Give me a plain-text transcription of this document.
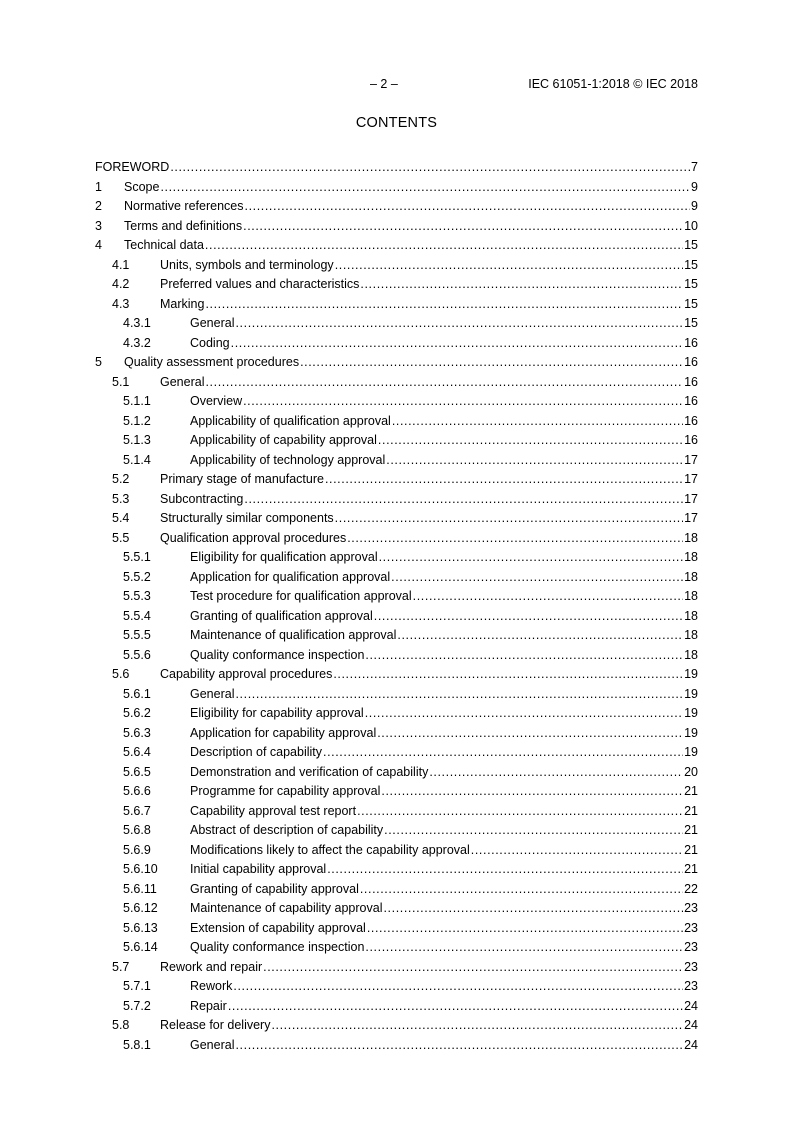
– 2 –	IEC 61051-1:2018 © IEC 2018
CONTENTS
FOREWORD .....	7
1	Scope .....	9
2	Normative references .....	9
3	Terms and definitions .....	10
4	Technical data .....	15
4.1	Units, symbols and terminology .....	15
4.2	Preferred values and characteristics .....	15
4.3	Marking .....	15
4.3.1	General .....	15
4.3.2	Coding .....	16
5	Quality assessment procedures .....	16
5.1	General .....	16
5.1.1	Overview .....	16
5.1.2	Applicability of qualification approval .....	16
5.1.3	Applicability of capability approval .....	16
5.1.4	Applicability of technology approval .....	17
5.2	Primary stage of manufacture .....	17
5.3	Subcontracting .....	17
5.4	Structurally similar components .....	17
5.5	Qualification approval procedures .....	18
5.5.1	Eligibility for qualification approval .....	18
5.5.2	Application for qualification approval .....	18
5.5.3	Test procedure for qualification approval .....	18
5.5.4	Granting of qualification approval .....	18
5.5.5	Maintenance of qualification approval .....	18
5.5.6	Quality conformance inspection .....	18
5.6	Capability approval procedures .....	19
5.6.1	General .....	19
5.6.2	Eligibility for capability approval .....	19
5.6.3	Application for capability approval .....	19
5.6.4	Description of capability .....	19
5.6.5	Demonstration and verification of capability .....	20
5.6.6	Programme for capability approval .....	21
5.6.7	Capability approval test report .....	21
5.6.8	Abstract of description of capability .....	21
5.6.9	Modifications likely to affect the capability approval .....	21
5.6.10	Initial capability approval .....	21
5.6.11	Granting of capability approval .....	22
5.6.12	Maintenance of capability approval .....	23
5.6.13	Extension of capability approval .....	23
5.6.14	Quality conformance inspection .....	23
5.7	Rework and repair .....	23
5.7.1	Rework .....	23
5.7.2	Repair .....	24
5.8	Release for delivery .....	24
5.8.1	General .....	24
